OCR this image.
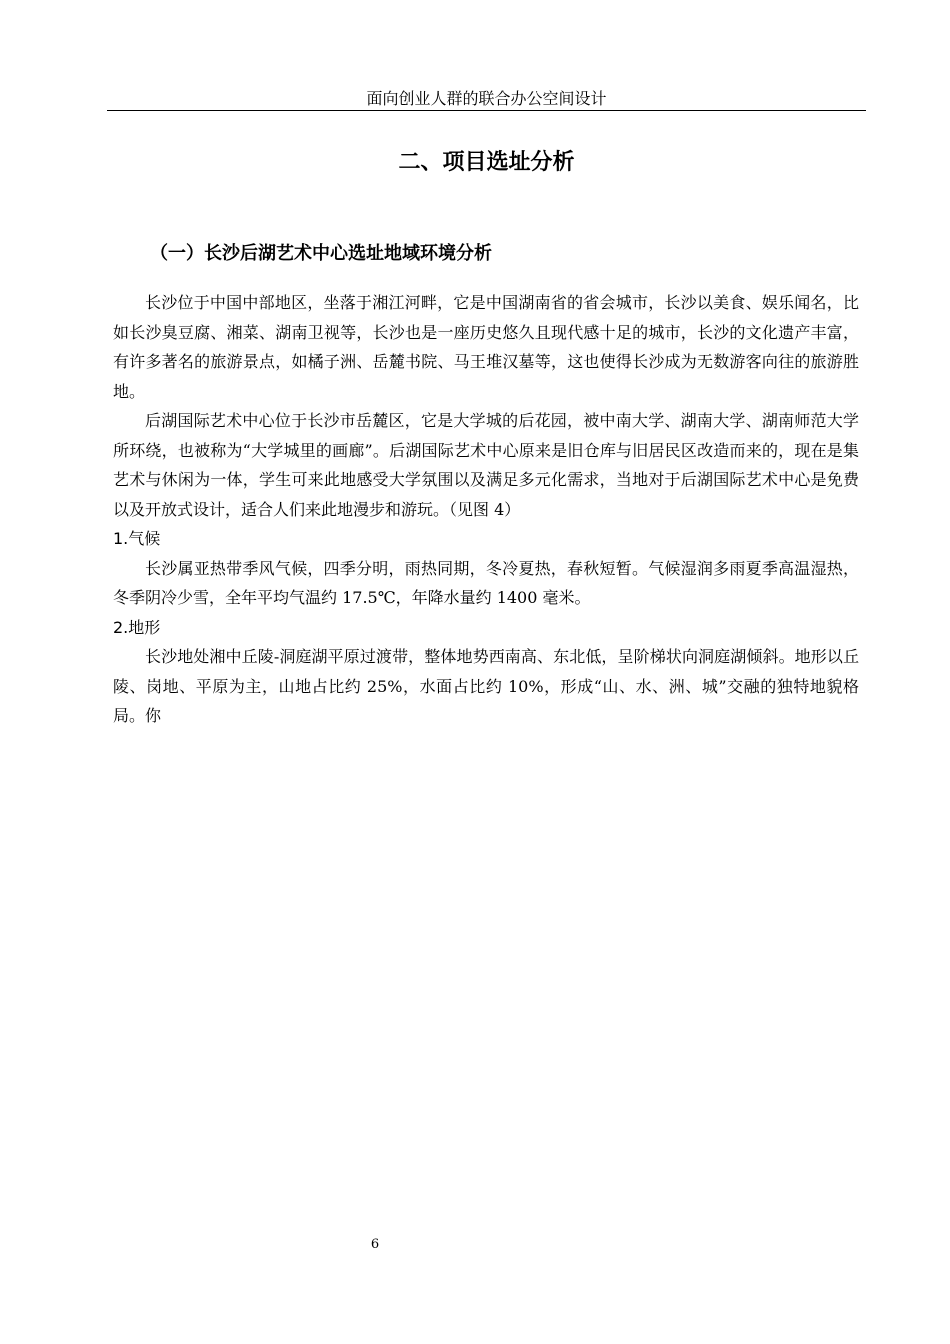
面向创业人群的联合办公空间设计
二、项目选址分析
（一）长沙后湖艺术中心选址地域环境分析

长沙位于中国中部地区，坐落于湘江河畔，它是中国湖南省的省会城市，长沙以美食、娱乐闻名，比如长沙臭豆腐、湘菜、湖南卫视等，长沙也是一座历史悠久且现代感十足的城市，长沙的文化遗产丰富，有许多著名的旅游景点，如橘子洲、岳麓书院、马王堆汉墓等，这也使得长沙成为无数游客向往的旅游胜地。

后湖国际艺术中心位于长沙市岳麓区，它是大学城的后花园，被中南大学、湖南大学、湖南师范大学所环绕，也被称为“大学城里的画廊”。后湖国际艺术中心原来是旧仓库与旧居民区改造而来的，现在是集艺术与休闲为一体，学生可来此地感受大学氛围以及满足多元化需求，当地对于后湖国际艺术中心是免费以及开放式设计，适合人们来此地漫步和游玩。（见图 4）

1.气候

长沙属亚热带季风气候，四季分明，雨热同期，冬冷夏热，春秋短暂。气候湿润多雨夏季高温湿热，冬季阴冷少雪，全年平均气温约 17.5℃，年降水量约 1400 毫米。

2.地形

长沙地处湘中丘陵-洞庭湖平原过渡带，整体地势西南高、东北低，呈阶梯状向洞庭湖倾斜。地形以丘陵、岗地、平原为主，山地占比约 25%，水面占比约 10%，形成“山、水、洲、城”交融的独特地貌格局。你

6
